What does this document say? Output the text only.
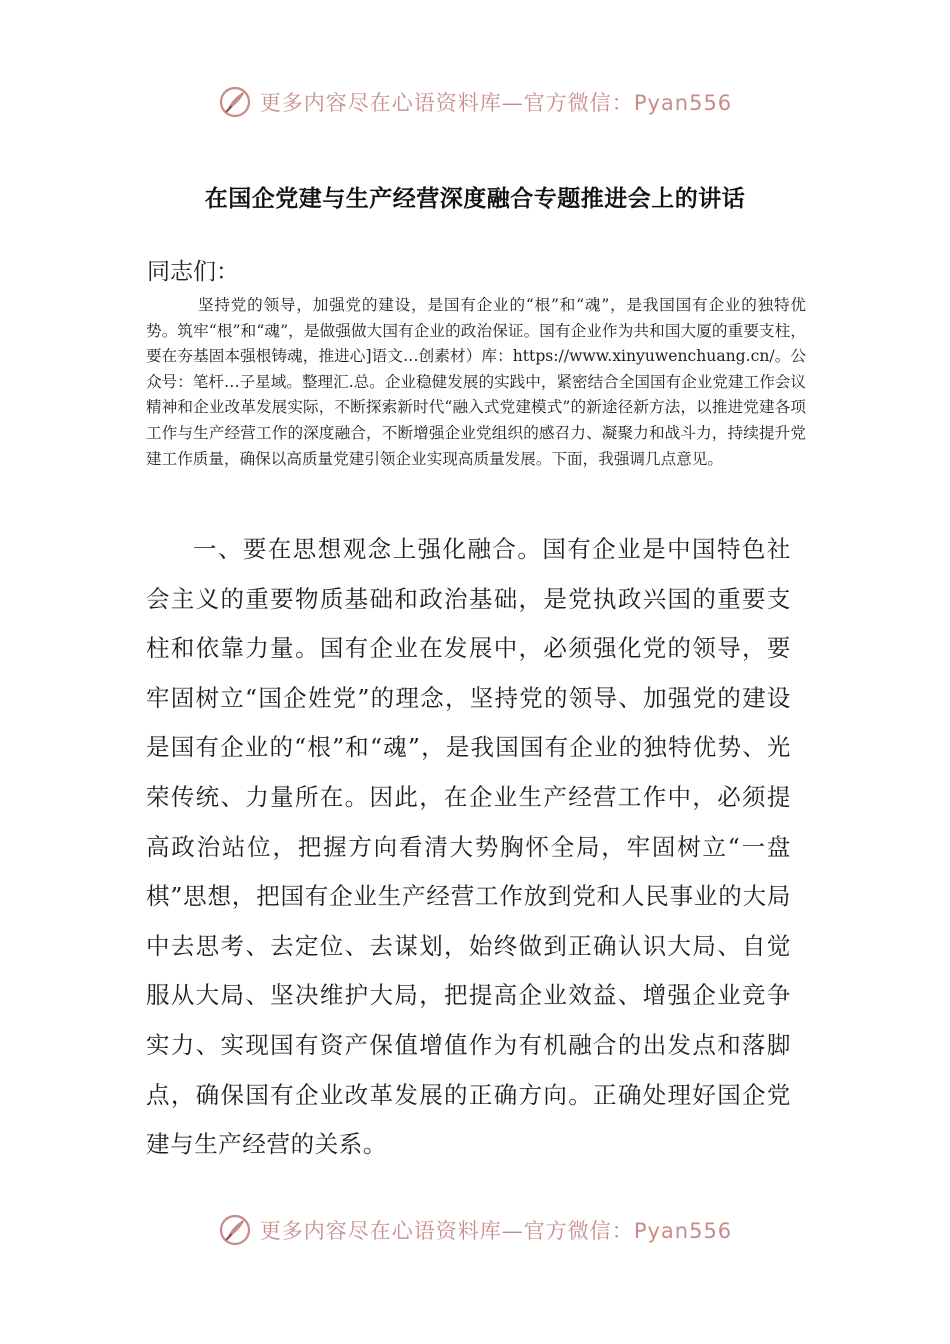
更多内容尽在心语资料库—官方微信：Pyan556
在国企党建与生产经营深度融合专题推进会上的讲话
同志们：

坚持党的领导，加强党的建设，是国有企业的“根”和“魂”，是我国国有企业的独特优势。筑牢“根”和“魂”，是做强做大国有企业的政治保证。国有企业作为共和国大厦的重要支柱，要在夯基固本强根铸魂，推进心]语文…创素材）库：https://www.xinyuwenchuang.cn/。公众号：笔杆…子星域。整理汇.总。企业稳健发展的实践中，紧密结合全国国有企业党建工作会议精神和企业改革发展实际，不断探索新时代“融入式党建模式”的新途径新方法，以推进党建各项工作与生产经营工作的深度融合，不断增强企业党组织的感召力、凝聚力和战斗力，持续提升党建工作质量，确保以高质量党建引领企业实现高质量发展。下面，我强调几点意见。

一、要在思想观念上强化融合。国有企业是中国特色社会主义的重要物质基础和政治基础，是党执政兴国的重要支柱和依靠力量。国有企业在发展中，必须强化党的领导，要牢固树立“国企姓党”的理念，坚持党的领导、加强党的建设是国有企业的“根”和“魂”，是我国国有企业的独特优势、光荣传统、力量所在。因此，在企业生产经营工作中，必须提高政治站位，把握方向看清大势胸怀全局，牢固树立“一盘棋”思想，把国有企业生产经营工作放到党和人民事业的大局中去思考、去定位、去谋划，始终做到正确认识大局、自觉服从大局、坚决维护大局，把提高企业效益、增强企业竞争实力、实现国有资产保值增值作为有机融合的出发点和落脚点，确保国有企业改革发展的正确方向。正确处理好国企党建与生产经营的关系。

更多内容尽在心语资料库—官方微信：Pyan556
